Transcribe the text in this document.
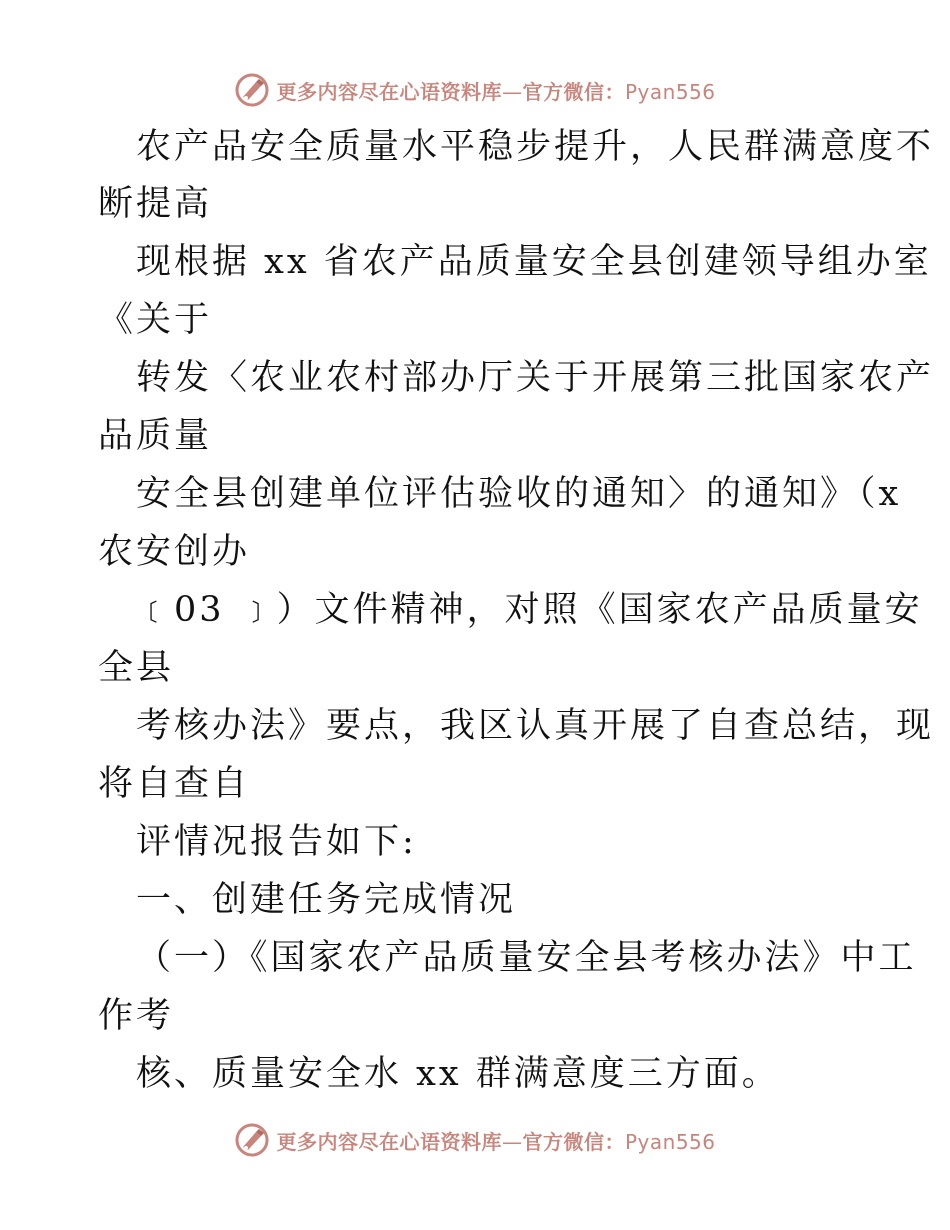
更多内容尽在心语资料库—官方微信：Pyan556
农产品安全质量水平稳步提升，人民群满意度不
断提高
现根据 xx 省农产品质量安全县创建领导组办室
《关于
转发〈农业农村部办厅关于开展第三批国家农产
品质量
安全县创建单位评估验收的通知〉的通知》（x
农安创办
﹝03 ﹞）文件精神，对照《国家农产品质量安
全县
考核办法》要点，我区认真开展了自查总结，现
将自查自
评情况报告如下:
一、创建任务完成情况
（一）《国家农产品质量安全县考核办法》中工
作考
核、质量安全水 xx 群满意度三方面。
更多内容尽在心语资料库—官方微信：Pyan556
